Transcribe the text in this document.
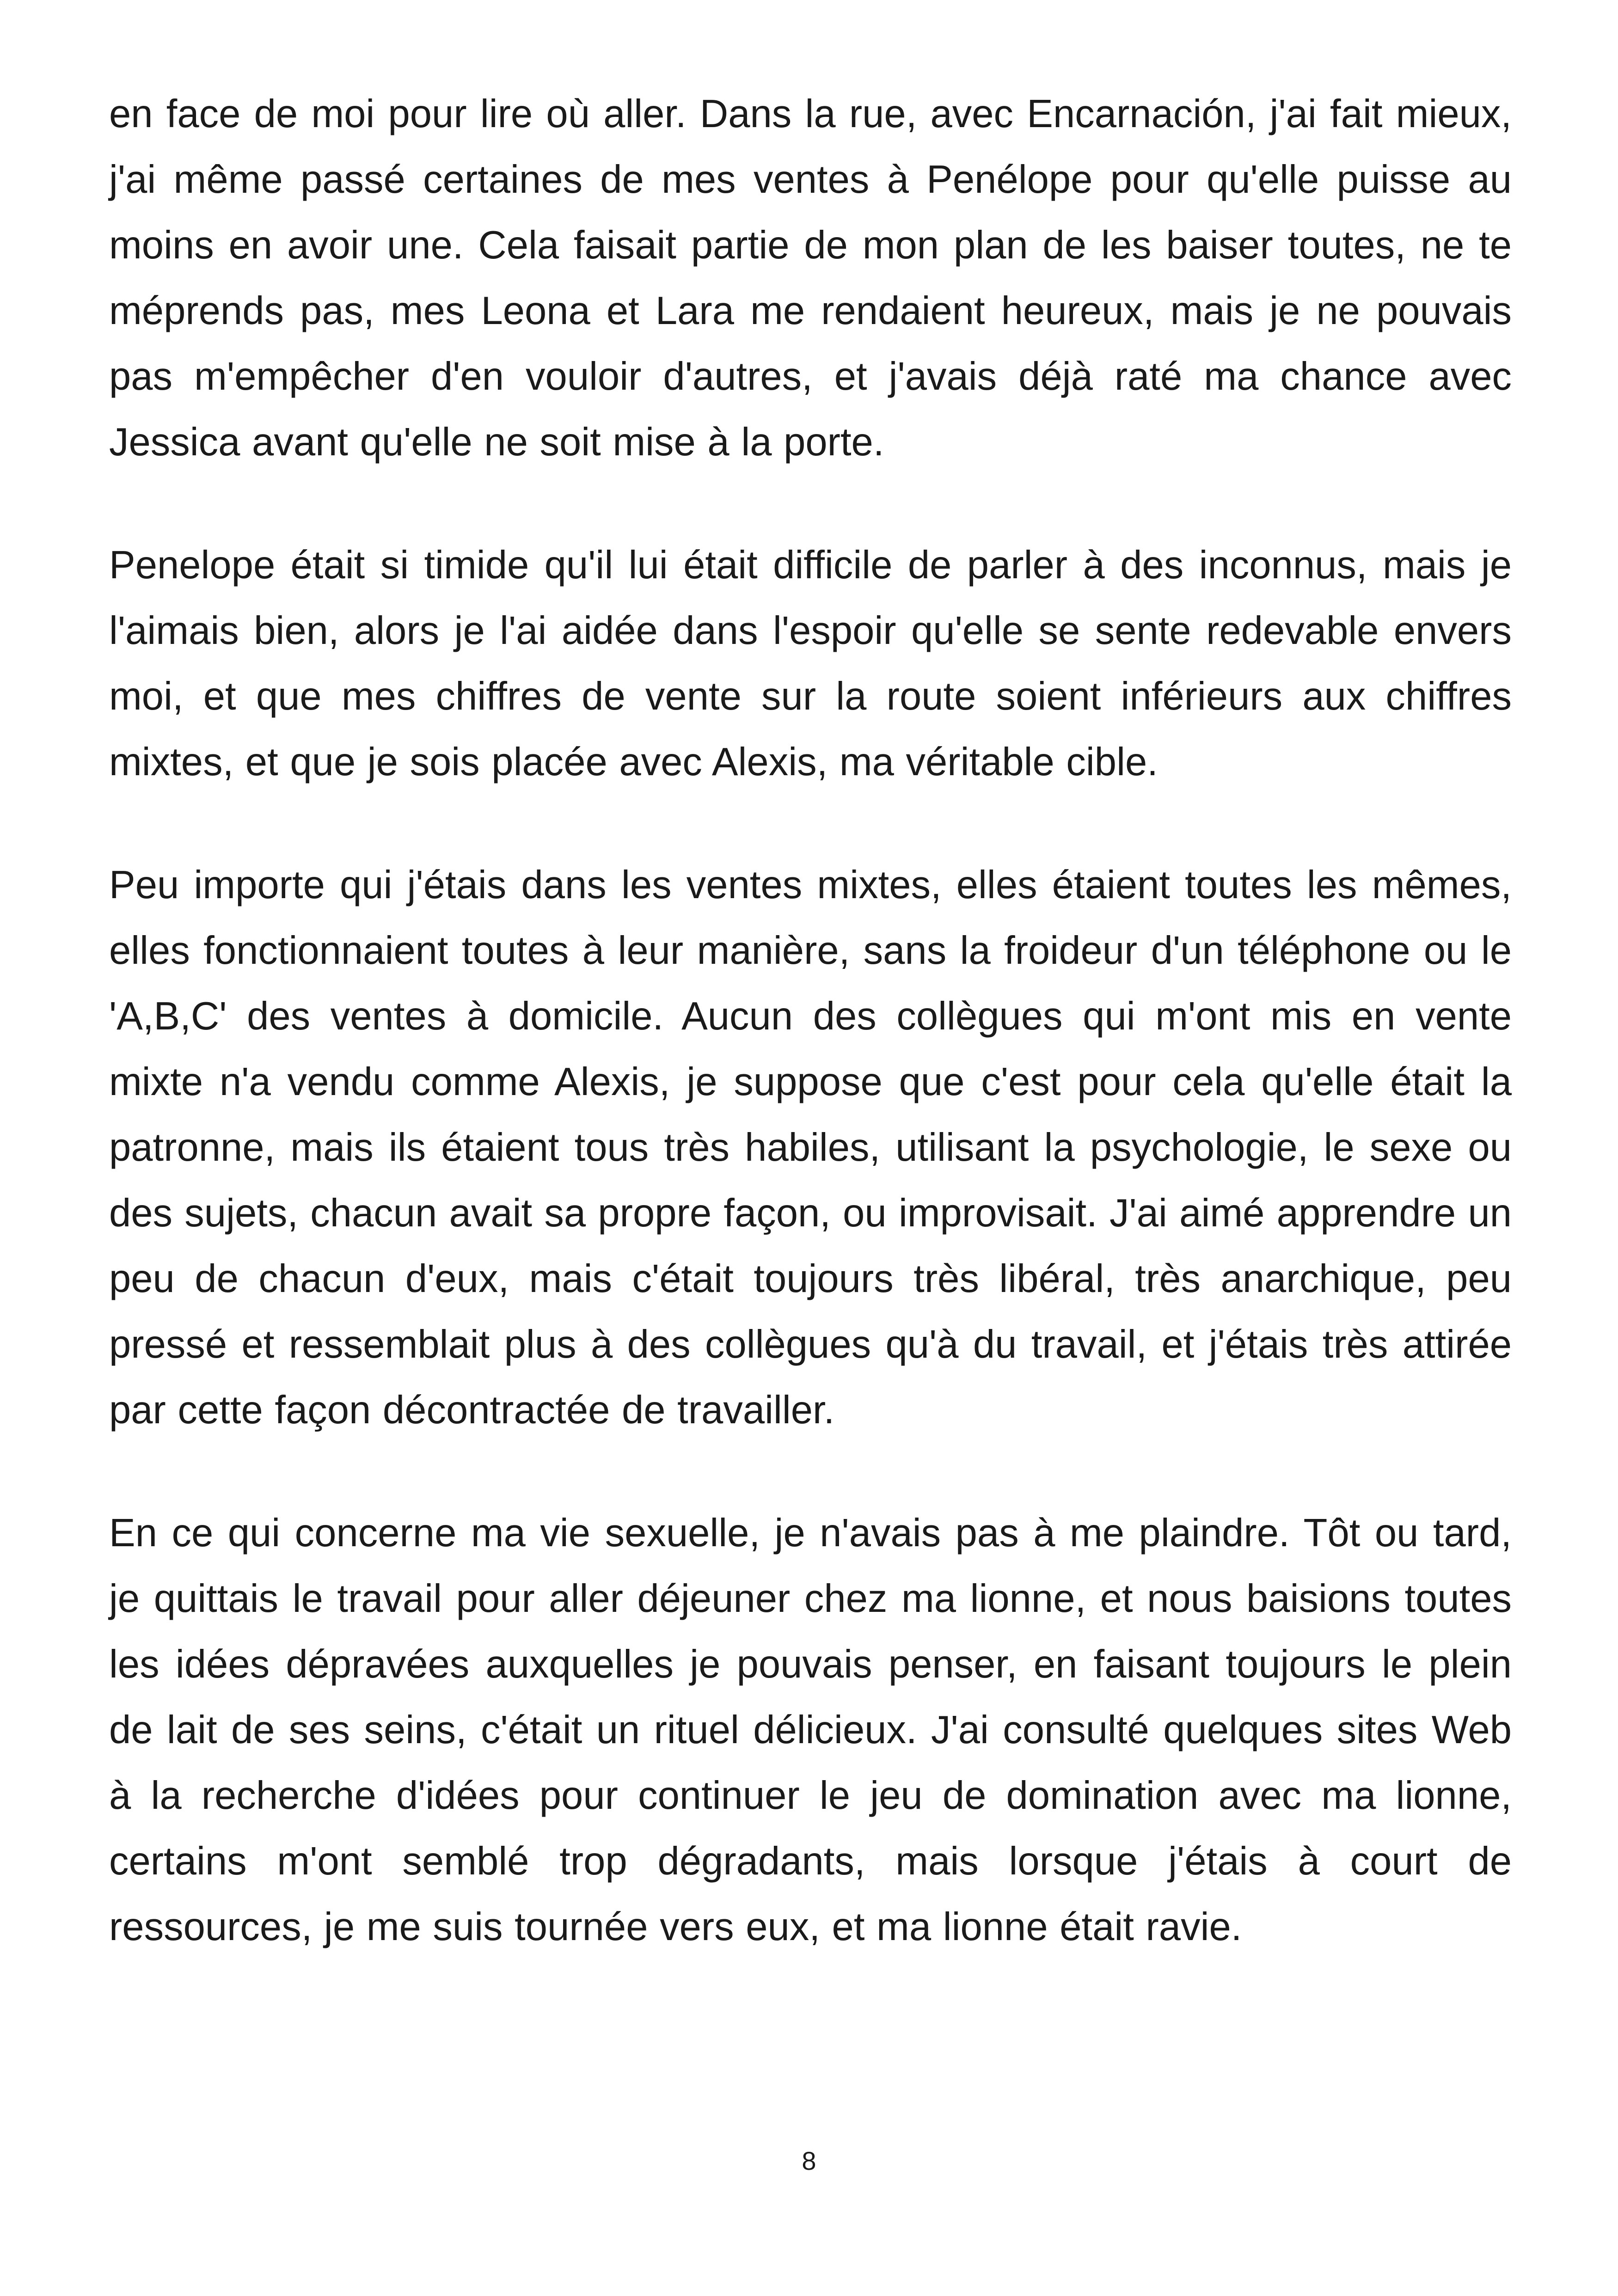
en face de moi pour lire où aller. Dans la rue, avec Encarnación, j'ai fait mieux, j'ai même passé certaines de mes ventes à Penélope pour qu'elle puisse au moins en avoir une. Cela faisait partie de mon plan de les baiser toutes, ne te méprends pas, mes Leona et Lara me rendaient heureux, mais je ne pouvais pas m'empêcher d'en vouloir d'autres, et j'avais déjà raté ma chance avec Jessica avant qu'elle ne soit mise à la porte.

Penelope était si timide qu'il lui était difficile de parler à des inconnus, mais je l'aimais bien, alors je l'ai aidée dans l'espoir qu'elle se sente redevable envers moi, et que mes chiffres de vente sur la route soient inférieurs aux chiffres mixtes, et que je sois placée avec Alexis, ma véritable cible.

Peu importe qui j'étais dans les ventes mixtes, elles étaient toutes les mêmes, elles fonctionnaient toutes à leur manière, sans la froideur d'un téléphone ou le 'A,B,C' des ventes à domicile. Aucun des collègues qui m'ont mis en vente mixte n'a vendu comme Alexis, je suppose que c'est pour cela qu'elle était la patronne, mais ils étaient tous très habiles, utilisant la psychologie, le sexe ou des sujets, chacun avait sa propre façon, ou improvisait. J'ai aimé apprendre un peu de chacun d'eux, mais c'était toujours très libéral, très anarchique, peu pressé et ressemblait plus à des collègues qu'à du travail, et j'étais très attirée par cette façon décontractée de travailler.

En ce qui concerne ma vie sexuelle, je n'avais pas à me plaindre. Tôt ou tard, je quittais le travail pour aller déjeuner chez ma lionne, et nous baisions toutes les idées dépravées auxquelles je pouvais penser, en faisant toujours le plein de lait de ses seins, c'était un rituel délicieux. J'ai consulté quelques sites Web à la recherche d'idées pour continuer le jeu de domination avec ma lionne, certains m'ont semblé trop dégradants, mais lorsque j'étais à court de ressources, je me suis tournée vers eux, et ma lionne était ravie.

8
